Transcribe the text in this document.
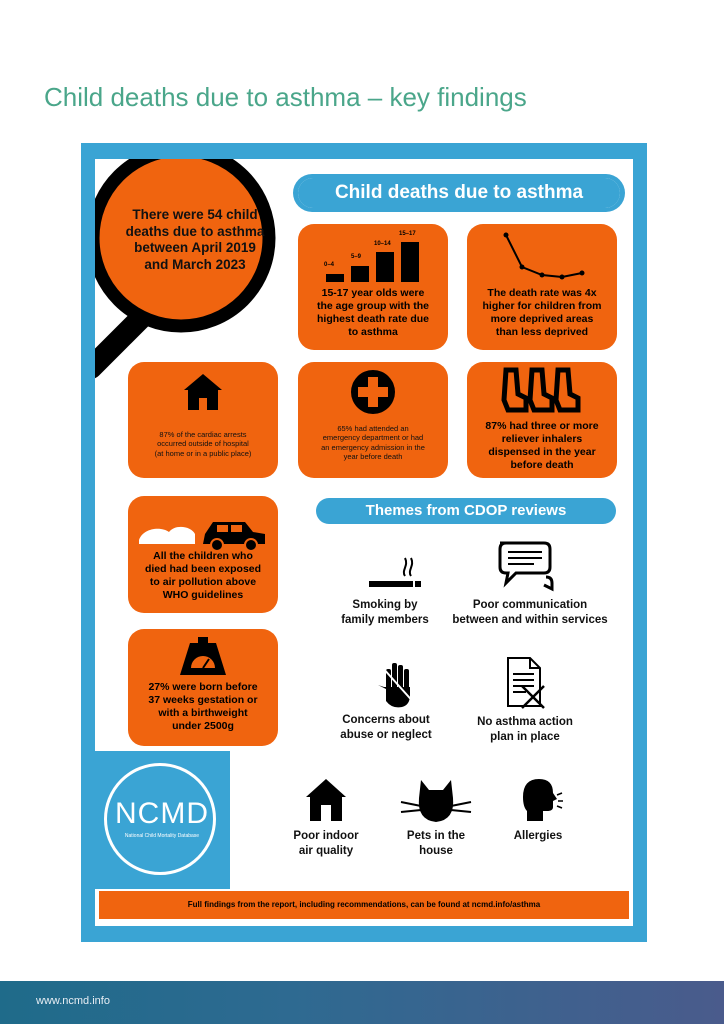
Child deaths due to asthma – key findings
There were 54 child
deaths due to asthma
between April 2019
and March 2023
Child deaths due to asthma
0–4
5–9
10–14
15–17
15-17 year olds were
the age group with the
highest death rate due
to asthma
The death rate was 4x
higher for children from
more deprived areas
than less deprived
87% of the cardiac arrests
occurred outside of hospital
(at home or in a public place)
65% had attended an
emergency department or had
an emergency admission in the
year before death
87% had three or more
reliever inhalers
dispensed in the year
before death
All the children who
died had been exposed
to air pollution above
WHO guidelines
27% were born before
37 weeks gestation or
with a birthweight
under 2500g
Themes from CDOP reviews
Smoking by
family members
Poor communication
between and within services
Concerns about
abuse or neglect
No asthma action
plan in place
Poor indoor
air quality
Pets in the
house
Allergies
NCMD
National Child Mortality Database
Full findings from the report, including recommendations, can be found at ncmd.info/asthma
www.ncmd.info
